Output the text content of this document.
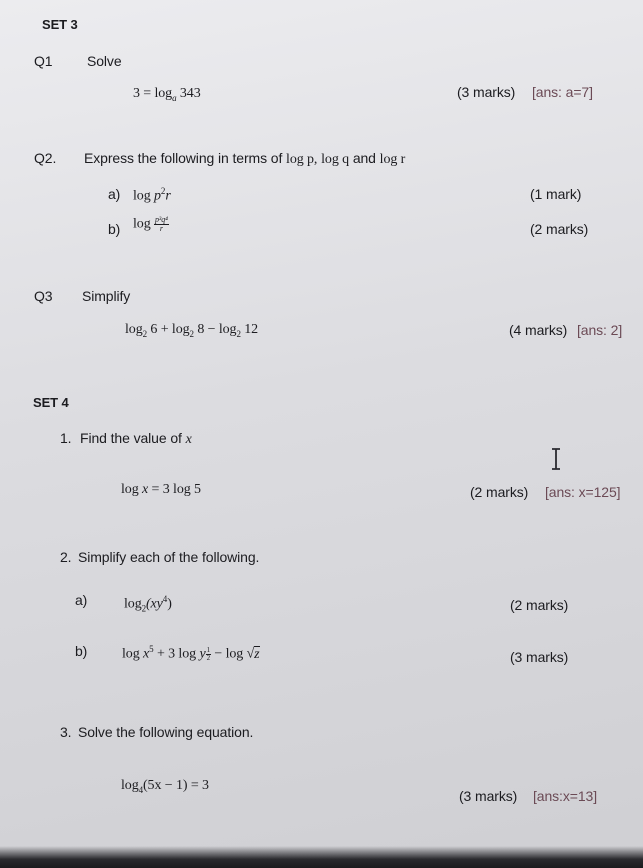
SET 3
Q1 Solve
$3 = \log_a 343$	(3 marks) [ans: a=7]
Q2. Express the following in terms of log p, log q and log r
a) $\log p^2r$	(1 mark)
b) $\log \frac{\text{p³q⁴}}{r}$	(2 marks)
Q3 Simplify
$\log_2 6 + \log_2 8 - \log_2 12$	(4 marks) [ans: 2]
SET 4
1. Find the value of x
log x = 3 log 5	(2 marks) [ans: x=125]
2. Simplify each of the following.
a)	$\log_2(xy^4)$	(2 marks)
b) $\log x^5 + 3$ log y $\frac{1}{2} - \log √z$	(3 marks)
3. Solve the following equation.
$\log_4(5x - 1) = 3$
(3 marks) [ans:x=13]
